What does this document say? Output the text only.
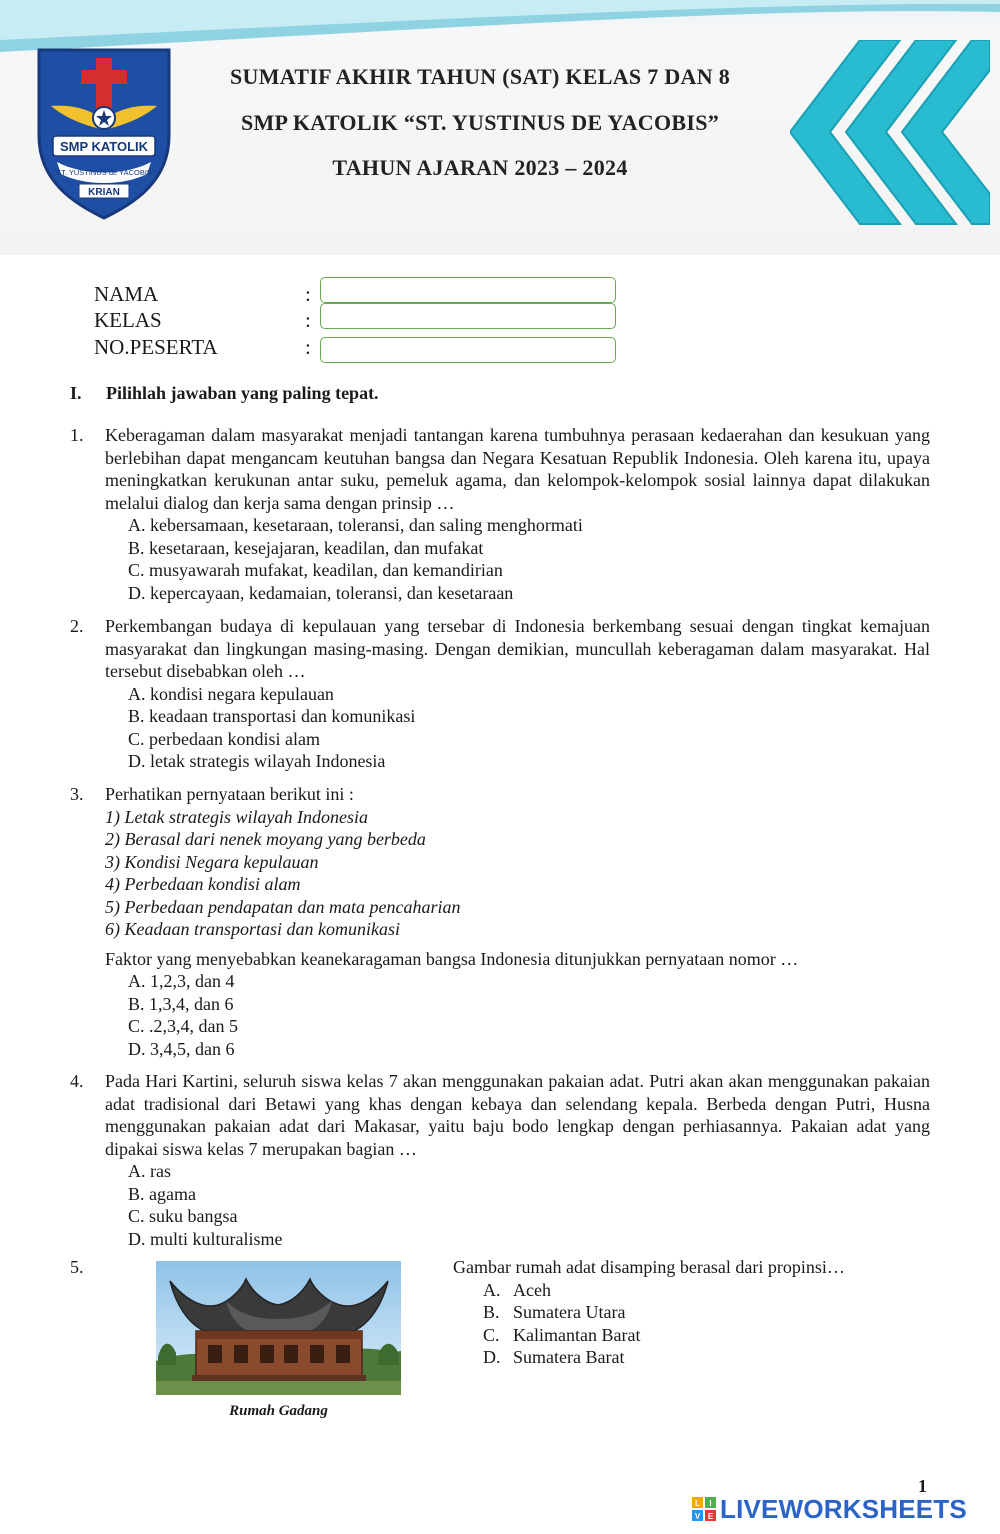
SMP KATOLIK
ST. YUSTINUS de YACOBIS
KRIAN
SUMATIF AKHIR TAHUN (SAT) KELAS 7 DAN 8
SMP KATOLIK “ST. YUSTINUS DE YACOBIS”
TAHUN AJARAN 2023 – 2024
NAMA	:
KELAS	:
NO.PESERTA	:
I. Pilihlah jawaban yang paling tepat.
1. Keberagaman dalam masyarakat menjadi tantangan karena tumbuhnya perasaan kedaerahan dan kesukuan yang berlebihan dapat mengancam keutuhan bangsa dan Negara Kesatuan Republik Indonesia. Oleh karena itu, upaya meningkatkan kerukunan antar suku, pemeluk agama, dan kelompok-kelompok sosial lainnya dapat dilakukan melalui dialog dan kerja sama dengan prinsip …
A. kebersamaan, kesetaraan, toleransi, dan saling menghormati
B. kesetaraan, kesejajaran, keadilan, dan mufakat
C. musyawarah mufakat, keadilan, dan kemandirian
D. kepercayaan, kedamaian, toleransi, dan kesetaraan
2. Perkembangan budaya di kepulauan yang tersebar di Indonesia berkembang sesuai dengan tingkat kemajuan masyarakat dan lingkungan masing-masing. Dengan demikian, muncullah keberagaman dalam masyarakat. Hal tersebut disebabkan oleh …
A. kondisi negara kepulauan
B. keadaan transportasi dan komunikasi
C. perbedaan kondisi alam
D. letak strategis wilayah Indonesia
3. Perhatikan pernyataan berikut ini :
1) Letak strategis wilayah Indonesia
2) Berasal dari nenek moyang yang berbeda
3) Kondisi Negara kepulauan
4) Perbedaan kondisi alam
5) Perbedaan pendapatan dan mata pencaharian
6) Keadaan transportasi dan komunikasi
Faktor yang menyebabkan keanekaragaman bangsa Indonesia ditunjukkan pernyataan nomor …
A. 1,2,3, dan 4
B. 1,3,4, dan 6
C. .2,3,4, dan 5
D. 3,4,5, dan 6
4. Pada Hari Kartini, seluruh siswa kelas 7 akan menggunakan pakaian adat. Putri akan akan menggunakan pakaian adat tradisional dari Betawi yang khas dengan kebaya dan selendang kepala. Berbeda dengan Putri, Husna menggunakan pakaian adat dari Makasar, yaitu baju bodo lengkap dengan perhiasannya. Pakaian adat yang dipakai siswa kelas 7 merupakan bagian …
A. ras
B. agama
C. suku bangsa
D. multi kulturalisme
5.
Rumah Gadang
Gambar rumah adat disamping berasal dari propinsi…
A. Aceh
B. Sumatera Utara
C. Kalimantan Barat
D. Sumatera Barat
1
L I
V E LIVEWORKSHEETS
